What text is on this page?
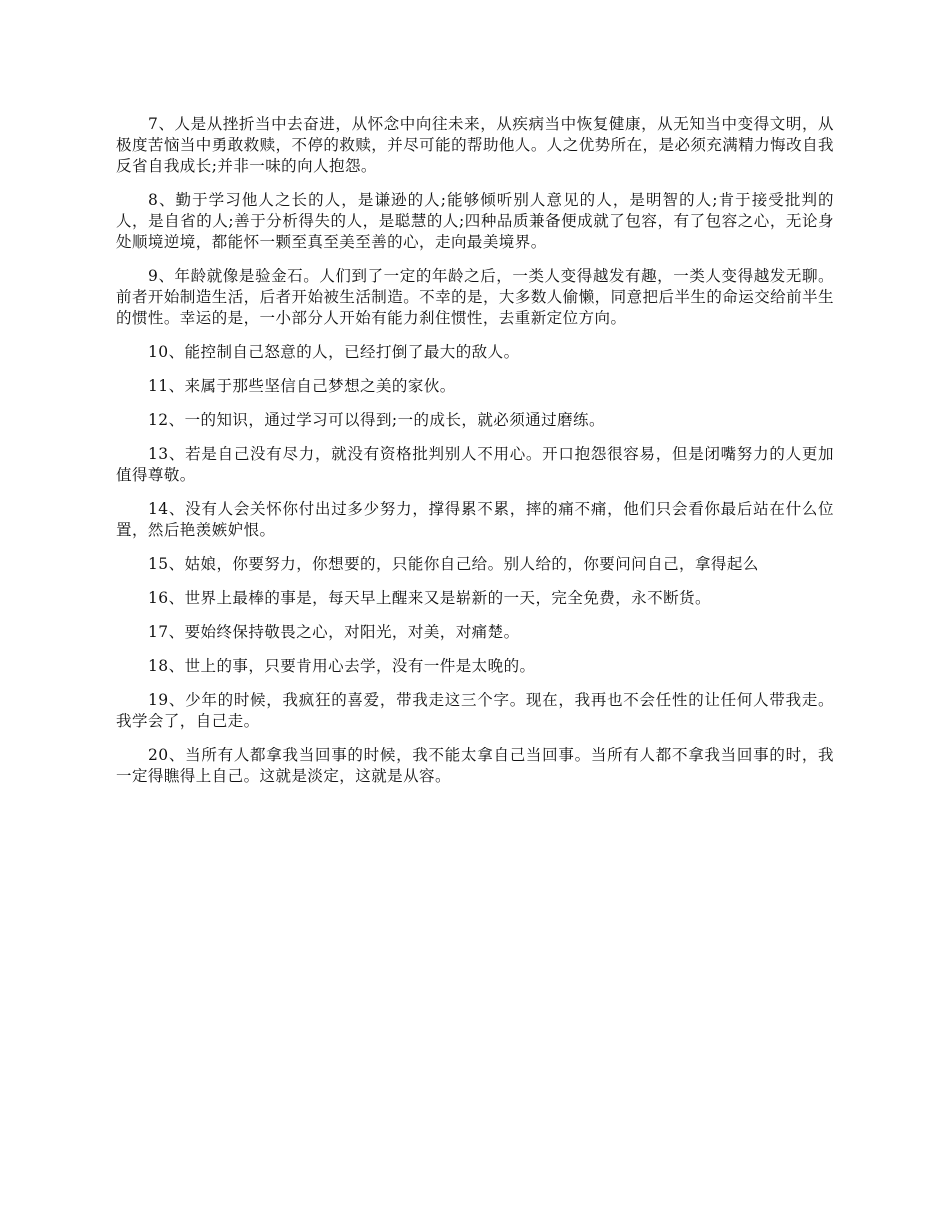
7、人是从挫折当中去奋进，从怀念中向往未来，从疾病当中恢复健康，从无知当中变得文明，从极度苦恼当中勇敢救赎，不停的救赎，并尽可能的帮助他人。人之优势所在，是必须充满精力悔改自我反省自我成长;并非一味的向人抱怨。

8、勤于学习他人之长的人，是谦逊的人;能够倾听别人意见的人，是明智的人;肯于接受批判的人，是自省的人;善于分析得失的人，是聪慧的人;四种品质兼备便成就了包容，有了包容之心，无论身处顺境逆境，都能怀一颗至真至美至善的心，走向最美境界。

9、年龄就像是验金石。人们到了一定的年龄之后，一类人变得越发有趣，一类人变得越发无聊。前者开始制造生活，后者开始被生活制造。不幸的是，大多数人偷懒，同意把后半生的命运交给前半生的惯性。幸运的是，一小部分人开始有能力刹住惯性，去重新定位方向。

10、能控制自己怒意的人，已经打倒了最大的敌人。

11、来属于那些坚信自己梦想之美的家伙。

12、一的知识，通过学习可以得到;一的成长，就必须通过磨练。

13、若是自己没有尽力，就没有资格批判别人不用心。开口抱怨很容易，但是闭嘴努力的人更加值得尊敬。

14、没有人会关怀你付出过多少努力，撑得累不累，摔的痛不痛，他们只会看你最后站在什么位置，然后艳羡嫉妒恨。

15、姑娘，你要努力，你想要的，只能你自己给。别人给的，你要问问自己，拿得起么

16、世界上最棒的事是，每天早上醒来又是崭新的一天，完全免费，永不断货。

17、要始终保持敬畏之心，对阳光，对美，对痛楚。

18、世上的事，只要肯用心去学，没有一件是太晚的。

19、少年的时候，我疯狂的喜爱，带我走这三个字。现在，我再也不会任性的让任何人带我走。我学会了，自己走。

20、当所有人都拿我当回事的时候，我不能太拿自己当回事。当所有人都不拿我当回事的时，我一定得瞧得上自己。这就是淡定，这就是从容。
